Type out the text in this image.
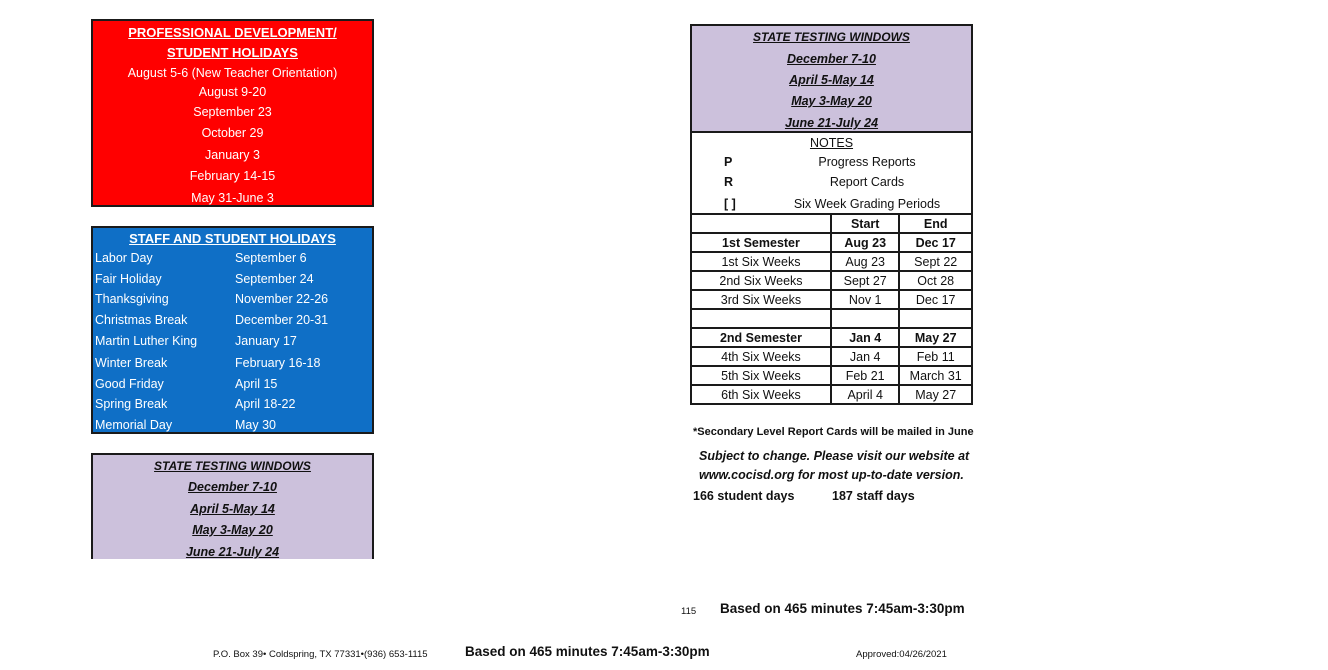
PROFESSIONAL DEVELOPMENT/
STUDENT HOLIDAYS
August 5-6 (New Teacher Orientation)
August 9-20
September 23
October 29
January 3
February 14-15
May 31-June 3
STAFF AND STUDENT HOLIDAYS
Labor Day	September 6
Fair Holiday	September 24
Thanksgiving	November 22-26
Christmas Break	December 20-31
Martin Luther King	January 17
Winter Break	February 16-18
Good Friday	April 15
Spring Break	April 18-22
Memorial Day	May 30
STATE TESTING WINDOWS
December 7-10
April 5-May 14
May 3-May 20
June 21-July 24
STATE TESTING WINDOWS
December 7-10
April 5-May 14
May 3-May 20
June 21-July 24
NOTES
P	Progress Reports
R	Report Cards
[ ]	Six Week Grading Periods
	Start	End
1st Semester	Aug 23	Dec 17
1st Six Weeks	Aug 23	Sept 22
2nd Six Weeks	Sept 27	Oct 28
3rd Six Weeks	Nov 1	Dec 17

2nd Semester	Jan 4	May 27
4th Six Weeks	Jan 4	Feb 11
5th Six Weeks	Feb 21	March 31
6th Six Weeks	April 4	May 27
*Secondary Level Report Cards will be mailed in June
Subject to change. Please visit our website at
www.cocisd.org for most up-to-date version.
166 student days	187 staff days
115 Based on 465 minutes 7:45am-3:30pm
P.O. Box 39• Coldspring, TX 77331•(936) 653-1115	Based on 465 minutes 7:45am-3:30pm	Approved:04/26/2021
